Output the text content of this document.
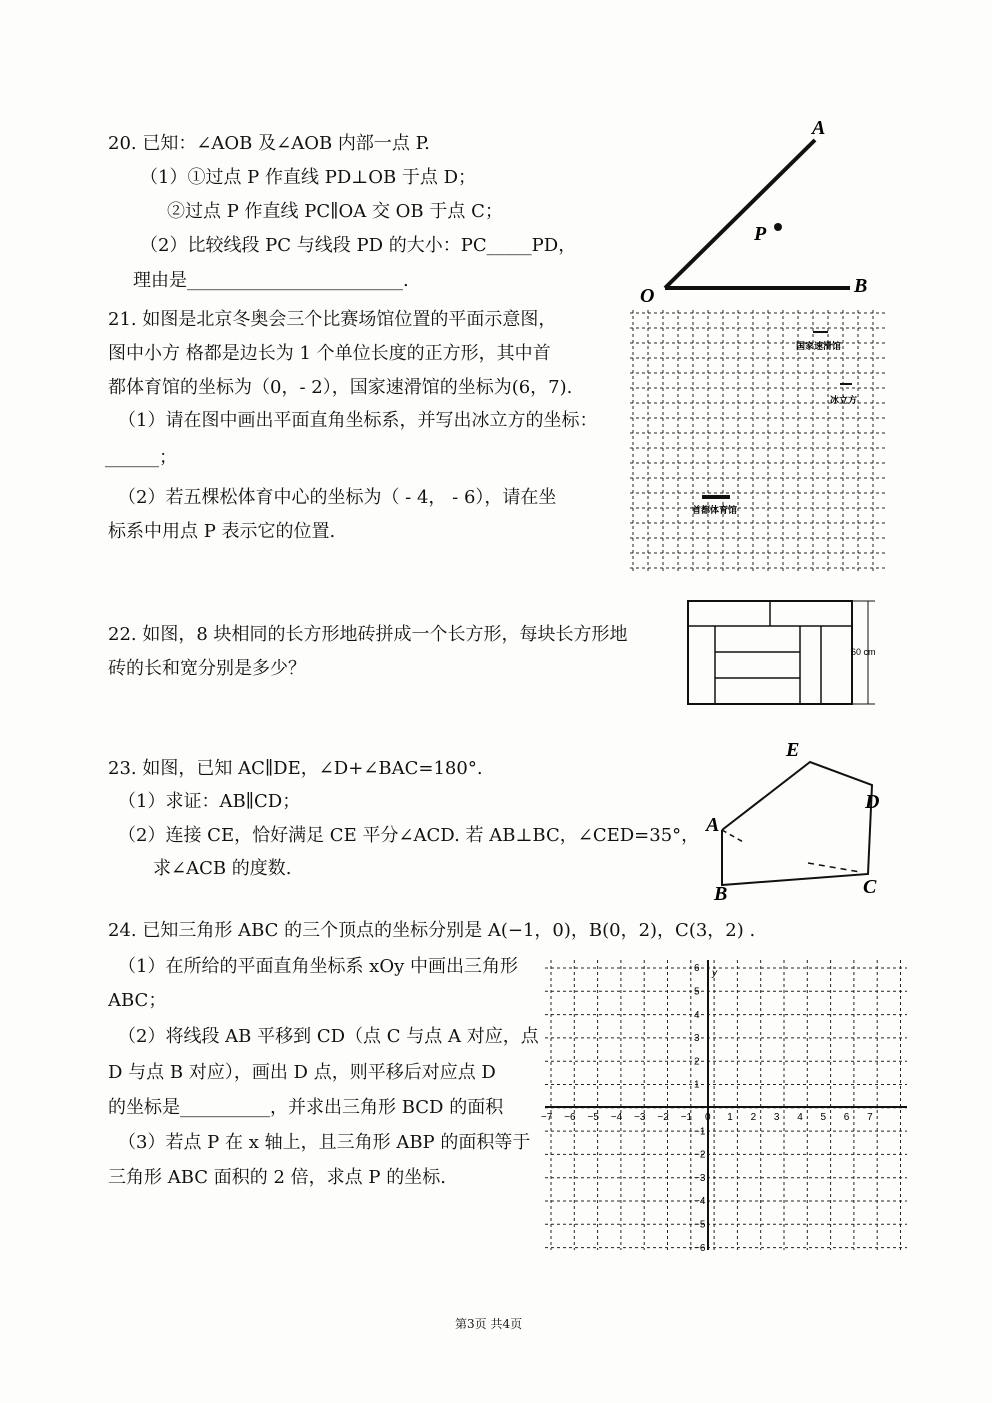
20. 已知：∠AOB 及∠AOB 内部一点 P.
（1）①过点 P 作直线 PD⊥OB 于点 D；
②过点 P 作直线 PC∥OA 交 OB 于点 C；
（2）比较线段 PC 与线段 PD 的大小：PC_____PD，
理由是________________________.
A
P
O	B
21. 如图是北京冬奥会三个比赛场馆位置的平面示意图，
图中小方 格都是边长为 1 个单位长度的正方形，其中首
都体育馆的坐标为（0，- 2），国家速滑馆的坐标为(6，7).
（1）请在图中画出平面直角坐标系，并写出冰立方的坐标：
______；
（2）若五棵松体育中心的坐标为（ - 4， - 6），请在坐
标系中用点 P 表示它的位置.
国家速滑馆
冰立方
首都体育馆
22. 如图，8 块相同的长方形地砖拼成一个长方形，每块长方形地
砖的长和宽分别是多少？
60 cm
23. 如图，已知 AC∥DE，∠D+∠BAC=180°.
（1）求证：AB∥CD；
（2）连接 CE，恰好满足 CE 平分∠ACD. 若 AB⊥BC，∠CED=35°，
求∠ACB 的度数.
E
D
A
B	C
24. 已知三角形 ABC 的三个顶点的坐标分别是 A(−1，0)，B(0，2)，C(3，2) .
（1）在所给的平面直角坐标系 xOy 中画出三角形
ABC；
（2）将线段 AB 平移到 CD（点 C 与点 A 对应，点
D 与点 B 对应），画出 D 点，则平移后对应点 D
的坐标是__________，并求出三角形 BCD 的面积
（3）若点 P 在 x 轴上，且三角形 ABP 的面积等于
三角形 ABC 面积的 2 倍，求点 P 的坐标.
−7 −6 −5 −4 −3 −2 −1	1 2 3 4 5 6 7
−6
−5
−4
−3
−2
−1
1
2
3
4
5
6 y
0
第3页 共4页
